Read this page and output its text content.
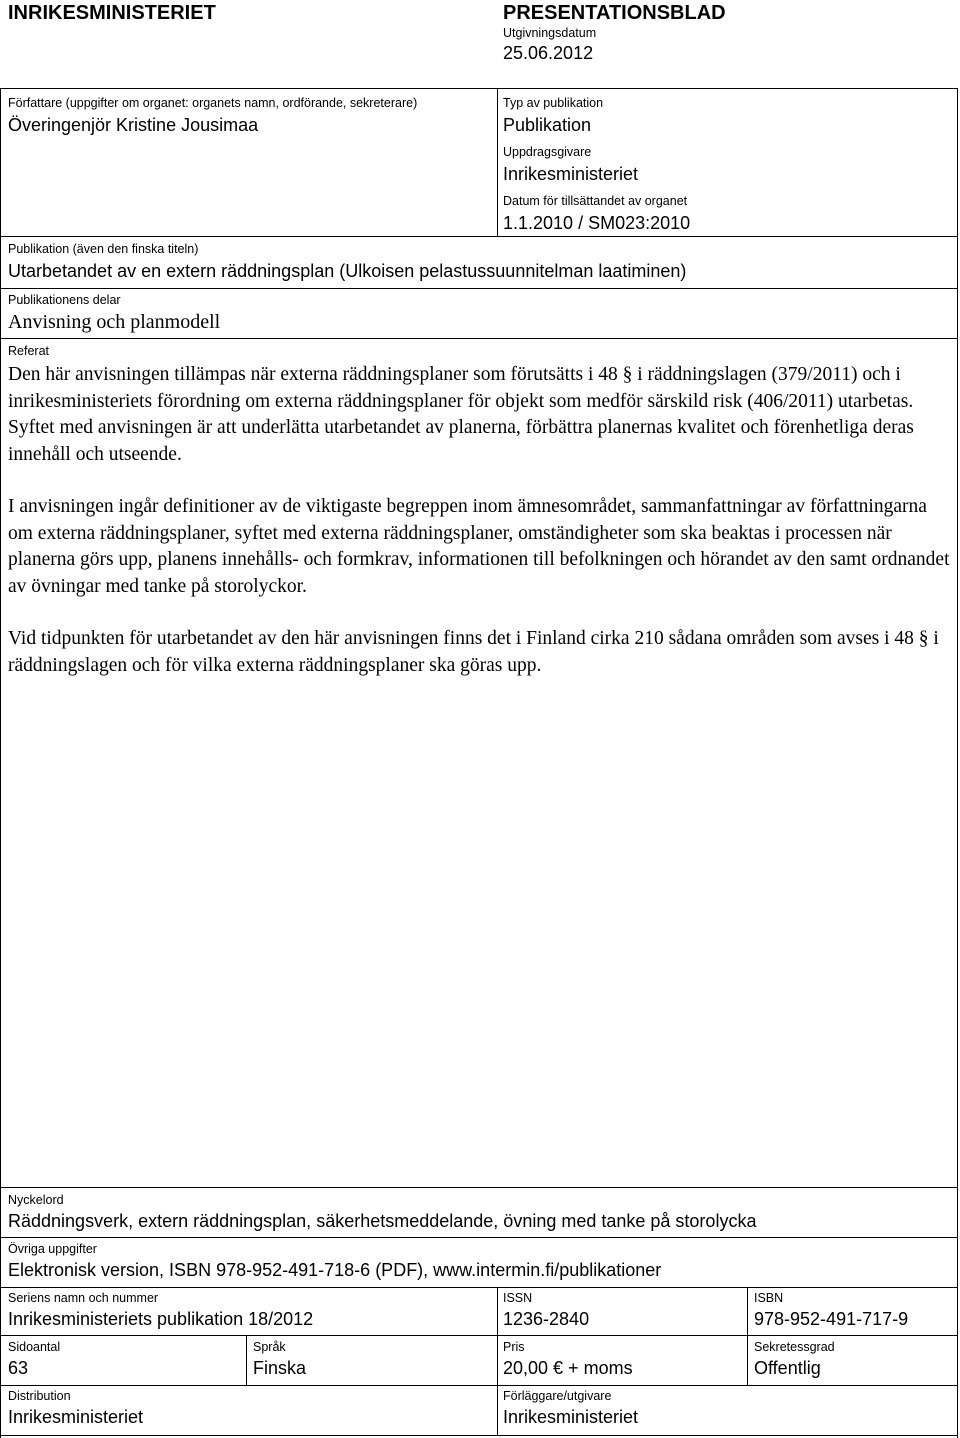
INRIKESMINISTERIET	PRESENTATIONSBLAD
Utgivningsdatum
25.06.2012
Författare (uppgifter om organet: organets namn, ordförande, sekreterare)
Överingenjör Kristine Jousimaa
Typ av publikation
Publikation
Uppdragsgivare
Inrikesministeriet
Datum för tillsättandet av organet
1.1.2010 / SM023:2010
Publikation (även den finska titeln)
Utarbetandet av en extern räddningsplan (Ulkoisen pelastussuunnitelman laatiminen)
Publikationens delar
Anvisning och planmodell
Referat
Den här anvisningen tillämpas när externa räddningsplaner som förutsätts i 48 § i räddningslagen (379/2011) och i inrikesministeriets förordning om externa räddningsplaner för objekt som medför särskild risk (406/2011) utarbetas. Syftet med anvisningen är att underlätta utarbetandet av planerna, förbättra planernas kvalitet och förenhetliga deras innehåll och utseende.
I anvisningen ingår definitioner av de viktigaste begreppen inom ämnesområdet, sammanfattningar av författningarna om externa räddningsplaner, syftet med externa räddningsplaner, omständigheter som ska beaktas i processen när planerna görs upp, planens innehålls- och formkrav, informationen till befolkningen och hörandet av den samt ordnandet av övningar med tanke på storolyckor.
Vid tidpunkten för utarbetandet av den här anvisningen finns det i Finland cirka 210 sådana områden som avses i 48 § i räddningslagen och för vilka externa räddningsplaner ska göras upp.
Nyckelord
Räddningsverk, extern räddningsplan, säkerhetsmeddelande, övning med tanke på storolycka
Övriga uppgifter
Elektronisk version, ISBN 978-952-491-718-6 (PDF), www.intermin.fi/publikationer
Seriens namn och nummer
Inrikesministeriets publikation 18/2012
ISSN
1236-2840
ISBN
978-952-491-717-9
Sidoantal
63
Språk
Finska
Pris
20,00 € + moms
Sekretessgrad
Offentlig
Distribution
Inrikesministeriet
Förläggare/utgivare
Inrikesministeriet
